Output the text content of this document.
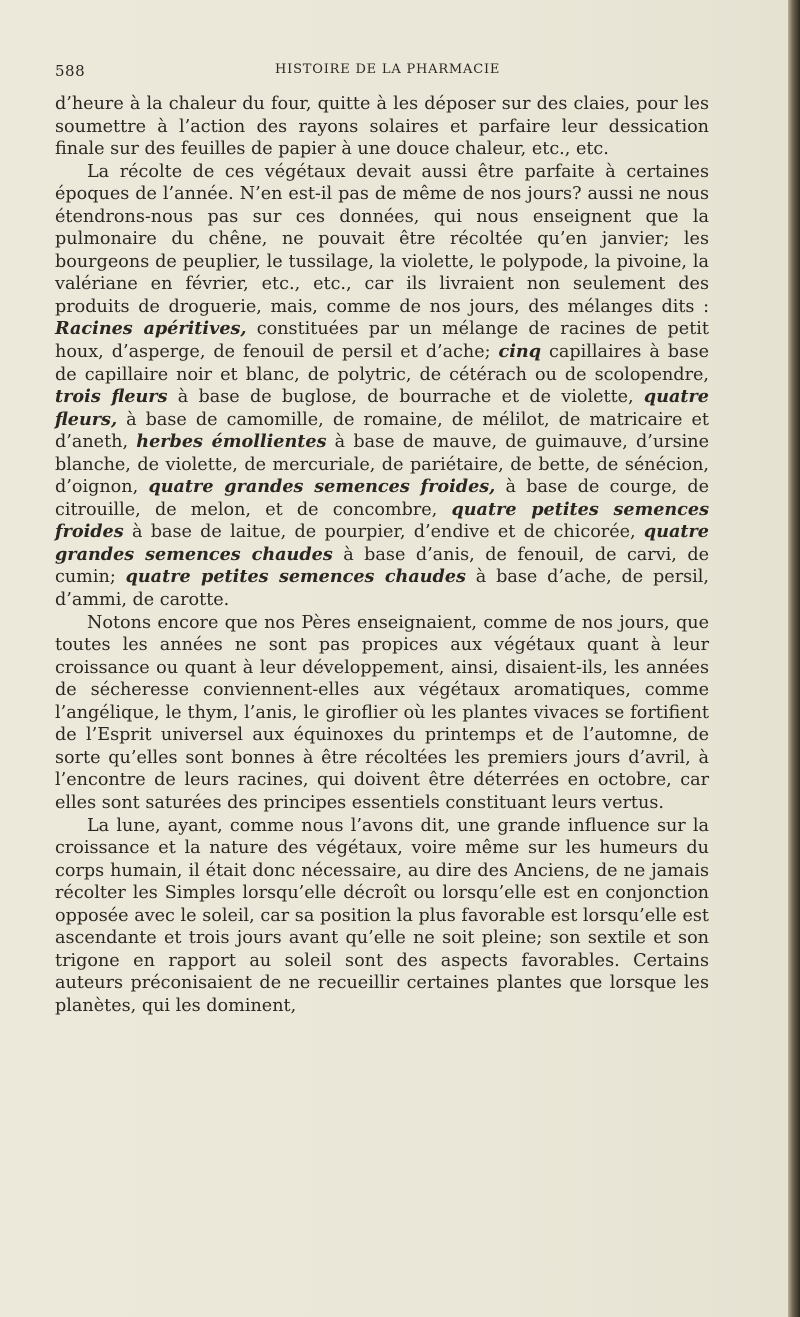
588	HISTOIRE DE LA PHARMACIE

d’heure à la chaleur du four, quitte à les déposer sur des claies, pour les soumettre à l’action des rayons solaires et parfaire leur dessication finale sur des feuilles de papier à une douce chaleur, etc., etc.

La récolte de ces végétaux devait aussi être parfaite à certaines époques de l’année. N’en est-il pas de même de nos jours? aussi ne nous étendrons-nous pas sur ces données, qui nous enseignent que la pulmonaire du chêne, ne pouvait être récoltée qu’en janvier; les bourgeons de peuplier, le tussilage, la violette, le polypode, la pivoine, la valériane en février, etc., etc., car ils livraient non seulement des produits de droguerie, mais, comme de nos jours, des mélanges dits : Racines apéritives, constituées par un mélange de racines de petit houx, d’asperge, de fenouil de persil et d’ache; cinq capillaires à base de capillaire noir et blanc, de polytric, de cétérach ou de scolopendre, trois fleurs à base de buglose, de bourrache et de violette, quatre fleurs, à base de camomille, de romaine, de mélilot, de matricaire et d’aneth, herbes émollientes à base de mauve, de guimauve, d’ursine blanche, de violette, de mercuriale, de pariétaire, de bette, de sénécion, d’oignon, quatre grandes semences froides, à base de courge, de citrouille, de melon, et de concombre, quatre petites semences froides à base de laitue, de pourpier, d’endive et de chicorée, quatre grandes semences chaudes à base d’anis, de fenouil, de carvi, de cumin; quatre petites semences chaudes à base d’ache, de persil, d’ammi, de carotte.

Notons encore que nos Pères enseignaient, comme de nos jours, que toutes les années ne sont pas propices aux végétaux quant à leur croissance ou quant à leur développement, ainsi, disaient-ils, les années de sécheresse conviennent-elles aux végétaux aromatiques, comme l’angélique, le thym, l’anis, le giroflier où les plantes vivaces se fortifient de l’Esprit universel aux équinoxes du printemps et de l’automne, de sorte qu’elles sont bonnes à être récoltées les premiers jours d’avril, à l’encontre de leurs racines, qui doivent être déterrées en octobre, car elles sont saturées des principes essentiels constituant leurs vertus.

La lune, ayant, comme nous l’avons dit, une grande influence sur la croissance et la nature des végétaux, voire même sur les humeurs du corps humain, il était donc nécessaire, au dire des Anciens, de ne jamais récolter les Simples lorsqu’elle décroît ou lorsqu’elle est en conjonction opposée avec le soleil, car sa position la plus favorable est lorsqu’elle est ascendante et trois jours avant qu’elle ne soit pleine; son sextile et son trigone en rapport au soleil sont des aspects favorables. Certains auteurs préconisaient de ne recueillir certaines plantes que lorsque les planètes, qui les dominent,
